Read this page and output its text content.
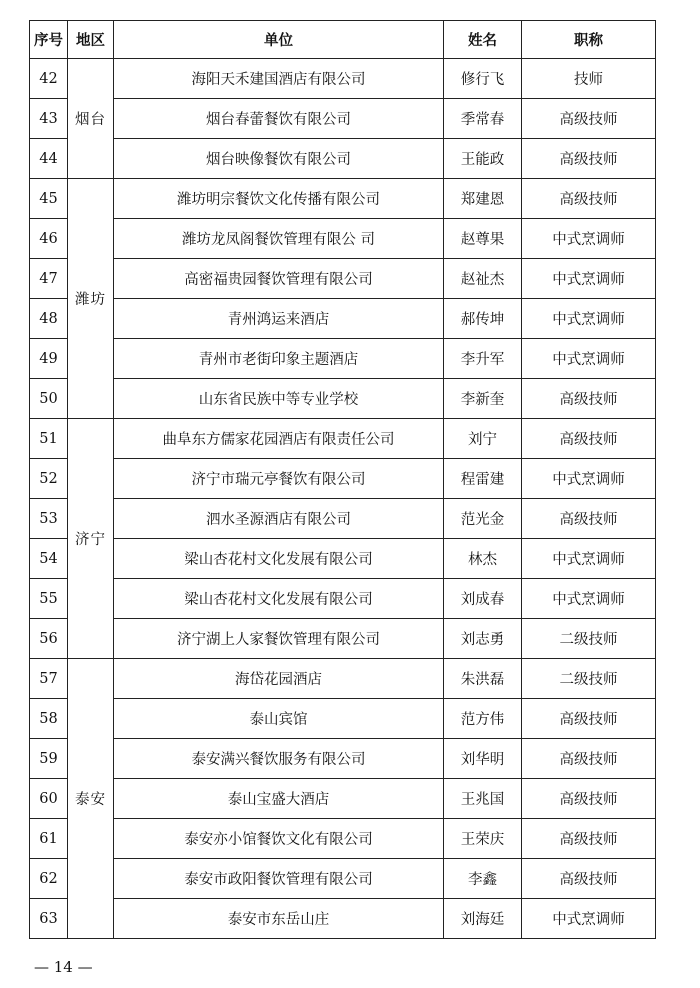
序号	地区	单位	姓名	职称
42	烟台	海阳天禾建国酒店有限公司	修行飞	技师
43		烟台春蕾餐饮有限公司	季常春	高级技师
44		烟台映像餐饮有限公司	王能政	高级技师
45	潍坊	潍坊明宗餐饮文化传播有限公司	郑建恩	高级技师
46		潍坊龙凤阁餐饮管理有限公 司	赵尊果	中式烹调师
47		高密福贵园餐饮管理有限公司	赵祉杰	中式烹调师
48		青州鸿运来酒店	郝传坤	中式烹调师
49		青州市老街印象主题酒店	李升军	中式烹调师
50		山东省民族中等专业学校	李新奎	高级技师
51	济宁	曲阜东方儒家花园酒店有限责任公司	刘宁	高级技师
52		济宁市瑞元亭餐饮有限公司	程雷建	中式烹调师
53		泗水圣源酒店有限公司	范光金	高级技师
54		梁山杏花村文化发展有限公司	林杰	中式烹调师
55		梁山杏花村文化发展有限公司	刘成春	中式烹调师
56		济宁湖上人家餐饮管理有限公司	刘志勇	二级技师
57	泰安	海岱花园酒店	朱洪磊	二级技师
58		泰山宾馆	范方伟	高级技师
59		泰安满兴餐饮服务有限公司	刘华明	高级技师
60		泰山宝盛大酒店	王兆国	高级技师
61		泰安亦小馆餐饮文化有限公司	王荣庆	高级技师
62		泰安市政阳餐饮管理有限公司	李鑫	高级技师
63		泰安市东岳山庄	刘海廷	中式烹调师
— 14 —
